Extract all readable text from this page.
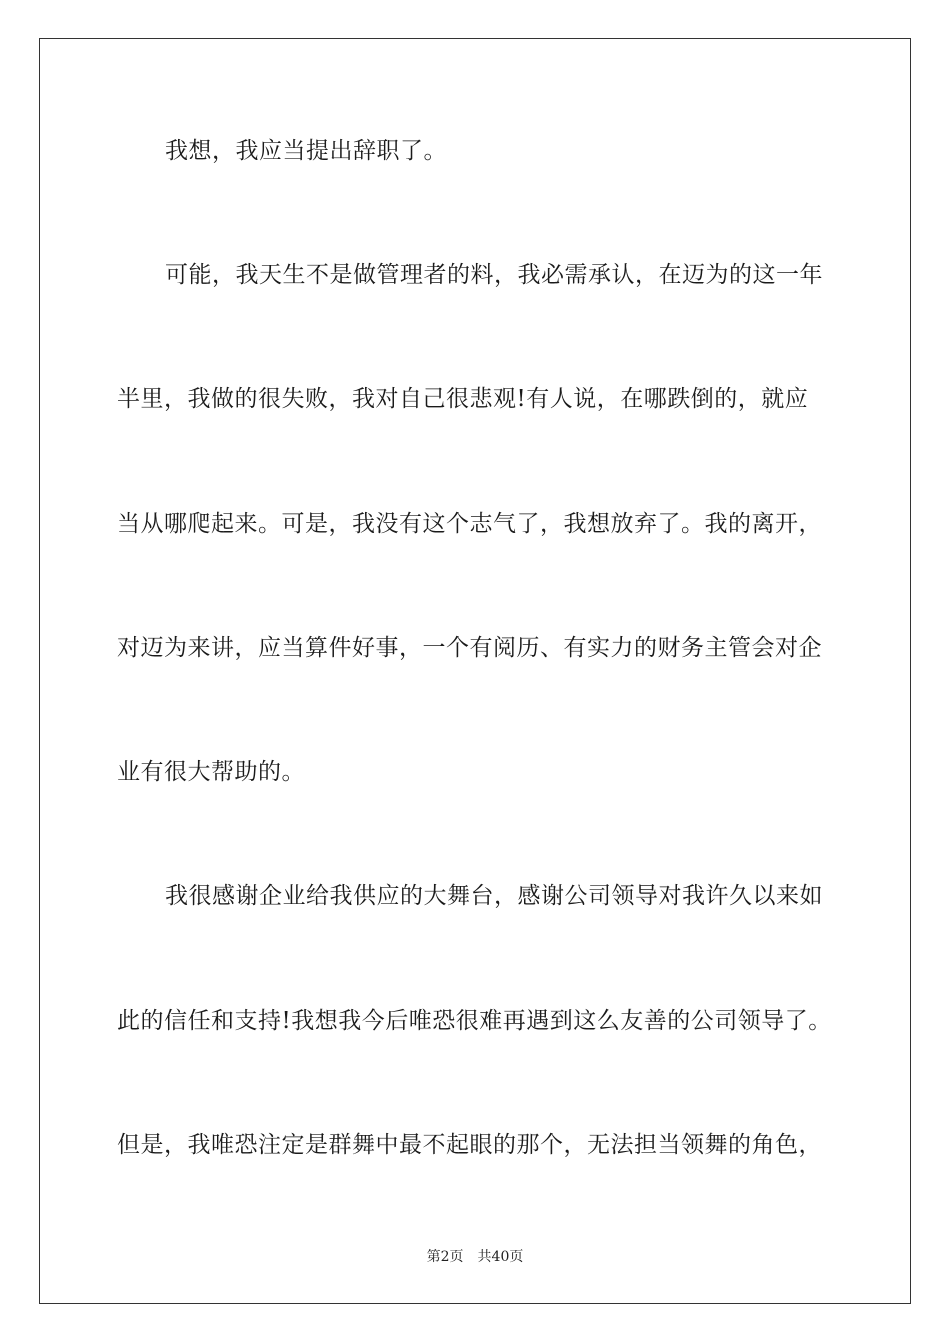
我想，我应当提出辞职了。
可能，我天生不是做管理者的料，我必需承认，在迈为的这一年
半里，我做的很失败，我对自己很悲观!有人说，在哪跌倒的，就应
当从哪爬起来。可是，我没有这个志气了，我想放弃了。我的离开，
对迈为来讲，应当算件好事，一个有阅历、有实力的财务主管会对企
业有很大帮助的。
我很感谢企业给我供应的大舞台，感谢公司领导对我许久以来如
此的信任和支持!我想我今后唯恐很难再遇到这么友善的公司领导了。
但是，我唯恐注定是群舞中最不起眼的那个，无法担当领舞的角色，
第2页 共40页
